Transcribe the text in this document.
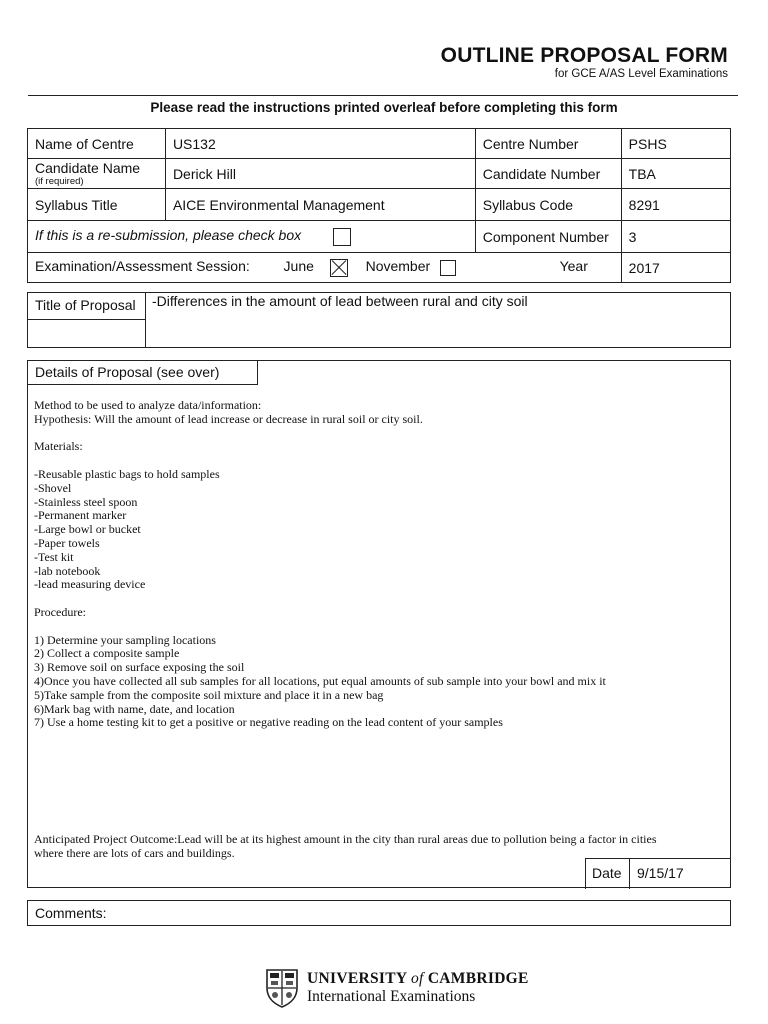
OUTLINE PROPOSAL FORM
for GCE A/AS Level Examinations
Please read the instructions printed overleaf before completing this form
Name of Centre	US132	Centre Number	PSHS
Candidate Name
(if required)	Derick Hill	Candidate Number	TBA
Syllabus Title	AICE Environmental Management	Syllabus Code	8291
If this is a re-submission, please check box		Component Number	3
Examination/Assessment Session: June November Year			2017
Title of Proposal	-Differences in the amount of lead between rural and city soil
Details of Proposal (see over)
Method to be used to analyze data/information:
Hypothesis: Will the amount of lead increase or decrease in rural soil or city soil.
Materials:
-Reusable plastic bags to hold samples
-Shovel
-Stainless steel spoon
-Permanent marker
-Large bowl or bucket
-Paper towels
-Test kit
-lab notebook
-lead measuring device
Procedure:
1) Determine your sampling locations
2) Collect a composite sample
3) Remove soil on surface exposing the soil
4)Once you have collected all sub samples for all locations, put equal amounts of sub sample into your bowl and mix it
5)Take sample from the composite soil mixture and place it in a new bag
6)Mark bag with name, date, and location
7) Use a home testing kit to get a positive or negative reading on the lead content of your samples
Anticipated Project Outcome:Lead will be at its highest amount in the city than rural areas due to pollution being a factor in cities
where there are lots of cars and buildings.
Date	9/15/17
Comments:
UNIVERSITY of CAMBRIDGE
International Examinations
